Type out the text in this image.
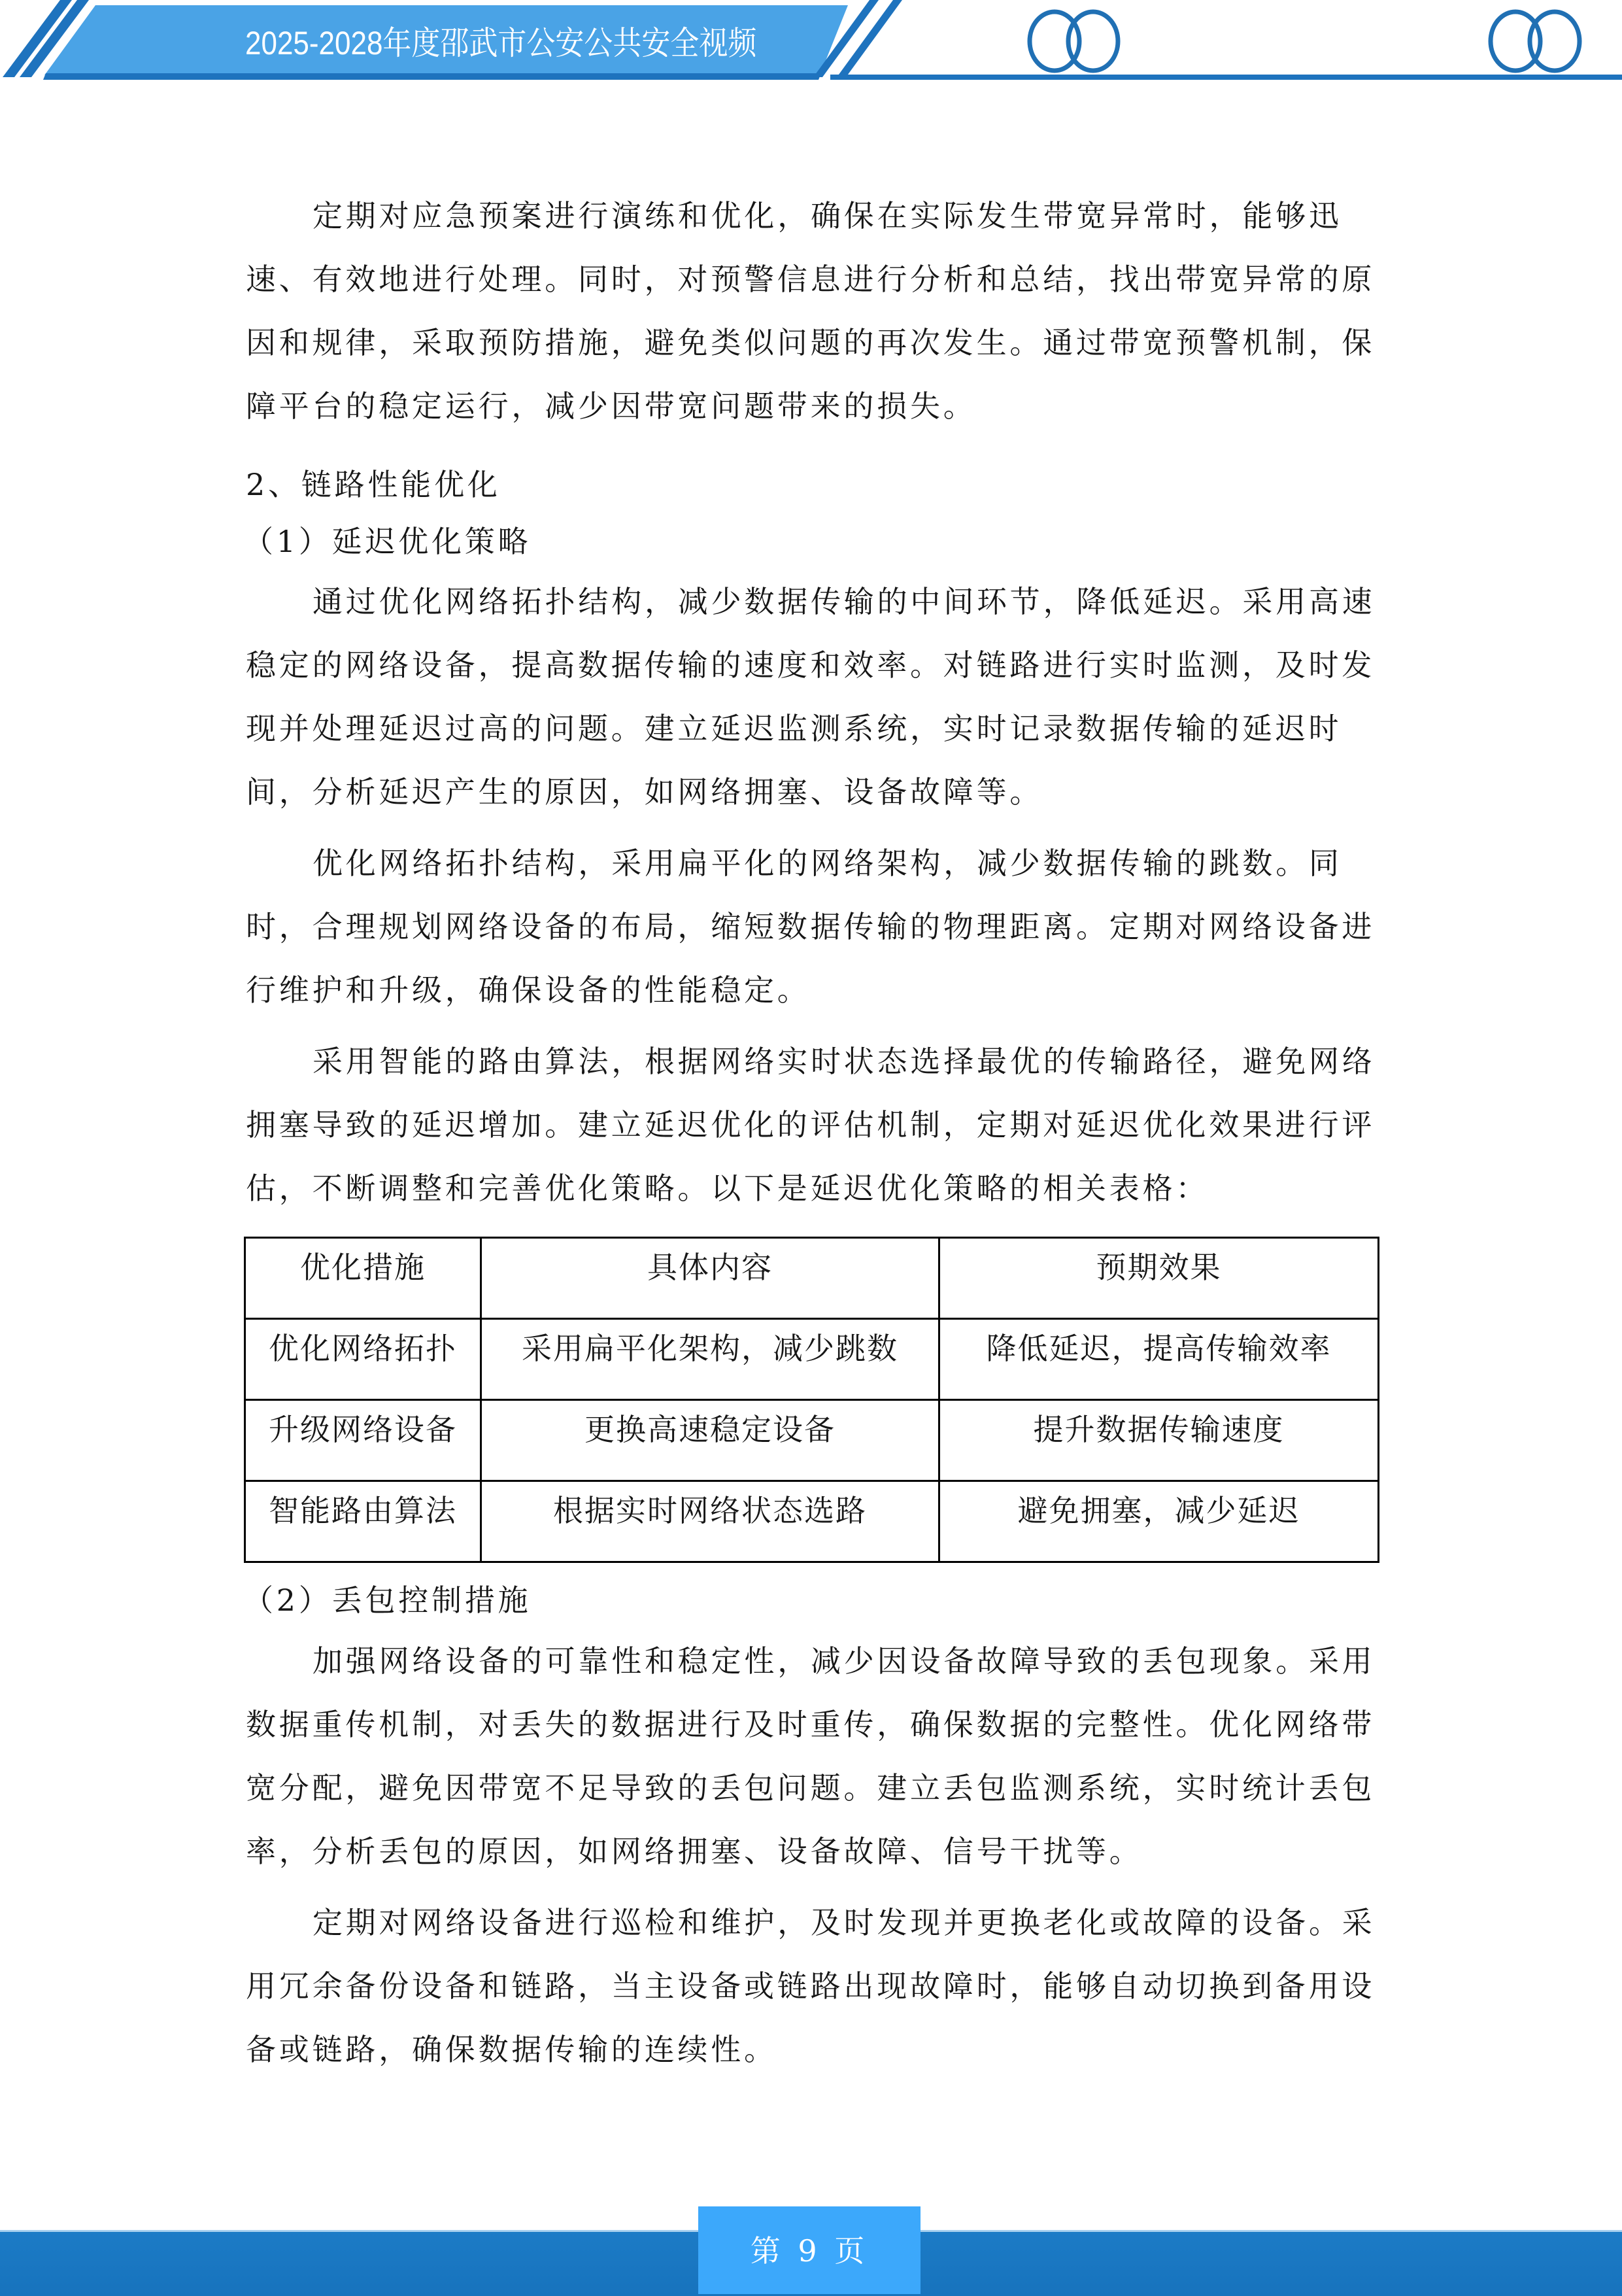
2025-2028年度邵武市公安公共安全视频
定期对应急预案进行演练和优化，确保在实际发生带宽异常时，能够迅
速、有效地进行处理。同时，对预警信息进行分析和总结，找出带宽异常的原
因和规律，采取预防措施，避免类似问题的再次发生。通过带宽预警机制，保
障平台的稳定运行，减少因带宽问题带来的损失。
2、链路性能优化
（1）延迟优化策略
通过优化网络拓扑结构，减少数据传输的中间环节，降低延迟。采用高速
稳定的网络设备，提高数据传输的速度和效率。对链路进行实时监测，及时发
现并处理延迟过高的问题。建立延迟监测系统，实时记录数据传输的延迟时
间，分析延迟产生的原因，如网络拥塞、设备故障等。
优化网络拓扑结构，采用扁平化的网络架构，减少数据传输的跳数。同
时，合理规划网络设备的布局，缩短数据传输的物理距离。定期对网络设备进
行维护和升级，确保设备的性能稳定。
采用智能的路由算法，根据网络实时状态选择最优的传输路径，避免网络
拥塞导致的延迟增加。建立延迟优化的评估机制，定期对延迟优化效果进行评
估，不断调整和完善优化策略。以下是延迟优化策略的相关表格：
优化措施	具体内容	预期效果
优化网络拓扑	采用扁平化架构，减少跳数	降低延迟，提高传输效率
升级网络设备	更换高速稳定设备	提升数据传输速度
智能路由算法	根据实时网络状态选路	避免拥塞，减少延迟
（2）丢包控制措施
加强网络设备的可靠性和稳定性，减少因设备故障导致的丢包现象。采用
数据重传机制，对丢失的数据进行及时重传，确保数据的完整性。优化网络带
宽分配，避免因带宽不足导致的丢包问题。建立丢包监测系统，实时统计丢包
率，分析丢包的原因，如网络拥塞、设备故障、信号干扰等。
定期对网络设备进行巡检和维护，及时发现并更换老化或故障的设备。采
用冗余备份设备和链路，当主设备或链路出现故障时，能够自动切换到备用设
备或链路，确保数据传输的连续性。
第 9 页
